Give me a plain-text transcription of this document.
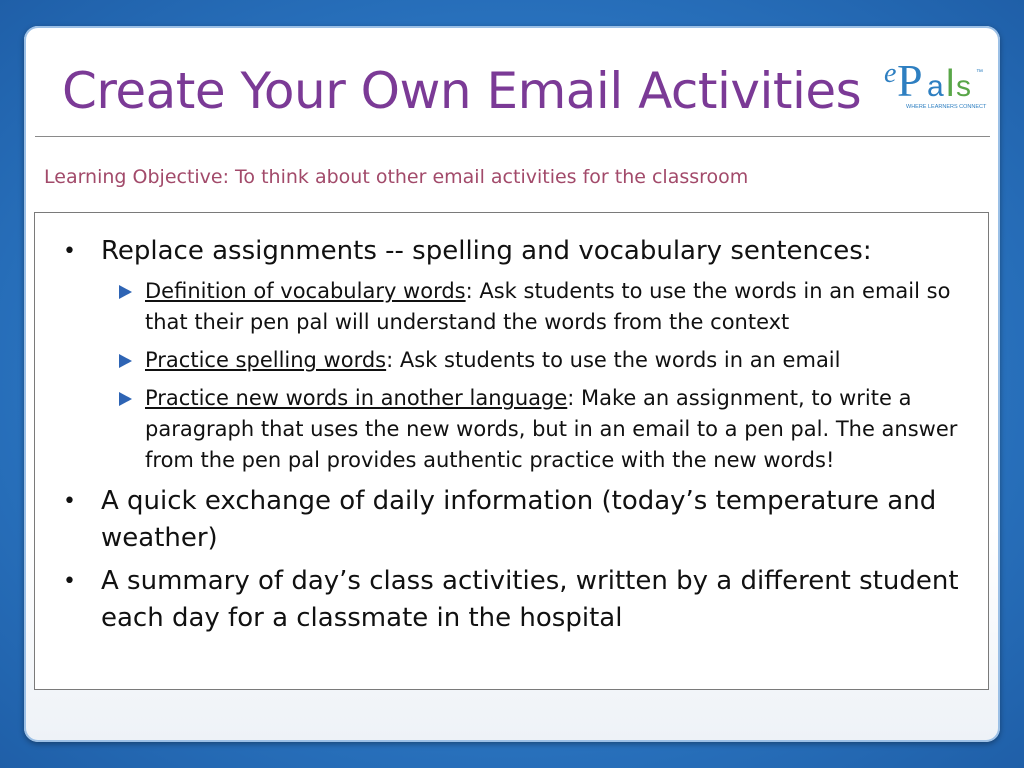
Create Your Own Email Activities e P a l s ™
WHERE LEARNERS CONNECT

Learning Objective: To think about other email activities for the classroom

• Replace assignments -- spelling and vocabulary sentences:
Definition of vocabulary words: Ask students to use the words in an email so that their pen pal will understand the words from the context
Practice spelling words: Ask students to use the words in an email
Practice new words in another language: Make an assignment, to write a paragraph that uses the new words, but in an email to a pen pal. The answer from the pen pal provides authentic practice with the new words!
• A quick exchange of daily information (today’s temperature and weather)
• A summary of day’s class activities, written by a different student each day for a classmate in the hospital
